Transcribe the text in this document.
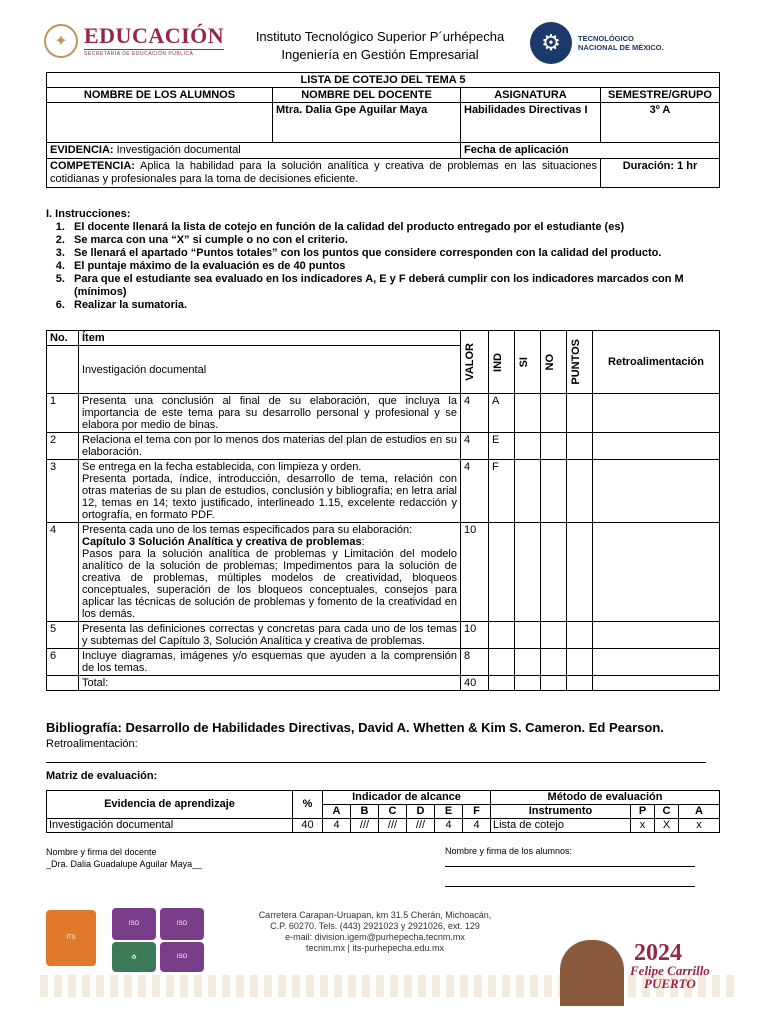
✦ EDUCACIÓN
SECRETARÍA DE EDUCACIÓN PÚBLICA
Instituto Tecnológico Superior P´urhépecha
Ingeniería en Gestión Empresarial	⚙	TECNOLÓGICO
NACIONAL DE MÉXICO.
LISTA DE COTEJO DEL TEMA 5			
NOMBRE DE LOS ALUMNOS	NOMBRE DEL DOCENTE	ASIGNATURA	SEMESTRE/GRUPO
	Mtra. Dalia Gpe Aguilar Maya	Habilidades Directivas I	3º A
EVIDENCIA: Investigación documental		Fecha de aplicación	
COMPETENCIA: Aplica la habilidad para la solución analítica y creativa de problemas en las situaciones cotidianas y profesionales para la toma de decisiones eficiente.			Duración: 1 hr
I. Instrucciones:
1. El docente llenará la lista de cotejo en función de la calidad del producto entregado por el estudiante (es)
2. Se marca con una “X” si cumple o no con el criterio.
3. Se llenará el apartado “Puntos totales” con los puntos que considere corresponden con la calidad del producto.
4. El puntaje máximo de la evaluación es de 40 puntos
5. Para que el estudiante sea evaluado en los indicadores A, E y F deberá cumplir con los indicadores marcados con M (mínimos)
6. Realizar la sumatoria.
No.	Ítem	VALOR	IND	SI	NO	PUNTOS	Retroalimentación
	Investigación documental						
1	Presenta una conclusión al final de su elaboración, que incluya la importancia de este tema para su desarrollo personal y profesional y se elabora por medio de binas.	4	A				
2	Relaciona el tema con por lo menos dos materias del plan de estudios en su elaboración.	4	E				
3	Se entrega en la fecha establecida, con limpieza y orden.
Presenta portada, índice, introducción, desarrollo de tema, relación con otras materias de su plan de estudios, conclusión y bibliografía; en letra arial 12, temas en 14; texto justificado, interlineado 1.15, excelente redacción y ortografía, en formato PDF.	4	F				
4	Presenta cada uno de los temas especificados para su elaboración:
Capítulo 3 Solución Analítica y creativa de problemas:
Pasos para la solución analítica de problemas y Limitación del modelo analítico de la solución de problemas; Impedimentos para la solución de creativa de problemas, múltiples modelos de creatividad, bloqueos conceptuales, superación de los bloqueos conceptuales, consejos para aplicar las técnicas de solución de problemas y fomento de la creatividad en los demás.	10					
5	Presenta las definiciones correctas y concretas para cada uno de los temas y subtemas del Capítulo 3, Solución Analítica y creativa de problemas.	10					
6	Incluye diagramas, imágenes y/o esquemas que ayuden a la comprensión de los temas.	8					
	Total:	40					
Bibliografía: Desarrollo de Habilidades Directivas, David A. Whetten & Kim S. Cameron. Ed Pearson.
Retroalimentación:
Matriz de evaluación:
Evidencia de aprendizaje	%	Indicador de alcance						Método de evaluación			
		A	B	C	D	E	F	Instrumento	P	C	A
Investigación documental	40	4	///	///	///	4	4	Lista de cotejo	x	X	x
Nombre y firma del docente
_Dra. Dalia Guadalupe Aguilar Maya__
Nombre y firma de los alumnos:
ITS
ISO	ISO
♻	ISO
Carretera Carapan-Uruapan, km 31.5 Cherán, Michoacán,
C.P. 60270. Tels. (443) 2921023 y 2921026, ext. 129
e-mail: division.igem@purhepecha.tecnm.mx
tecnm.mx | its-purhepecha.edu.mx	2024
Felipe Carrillo
PUERTO
